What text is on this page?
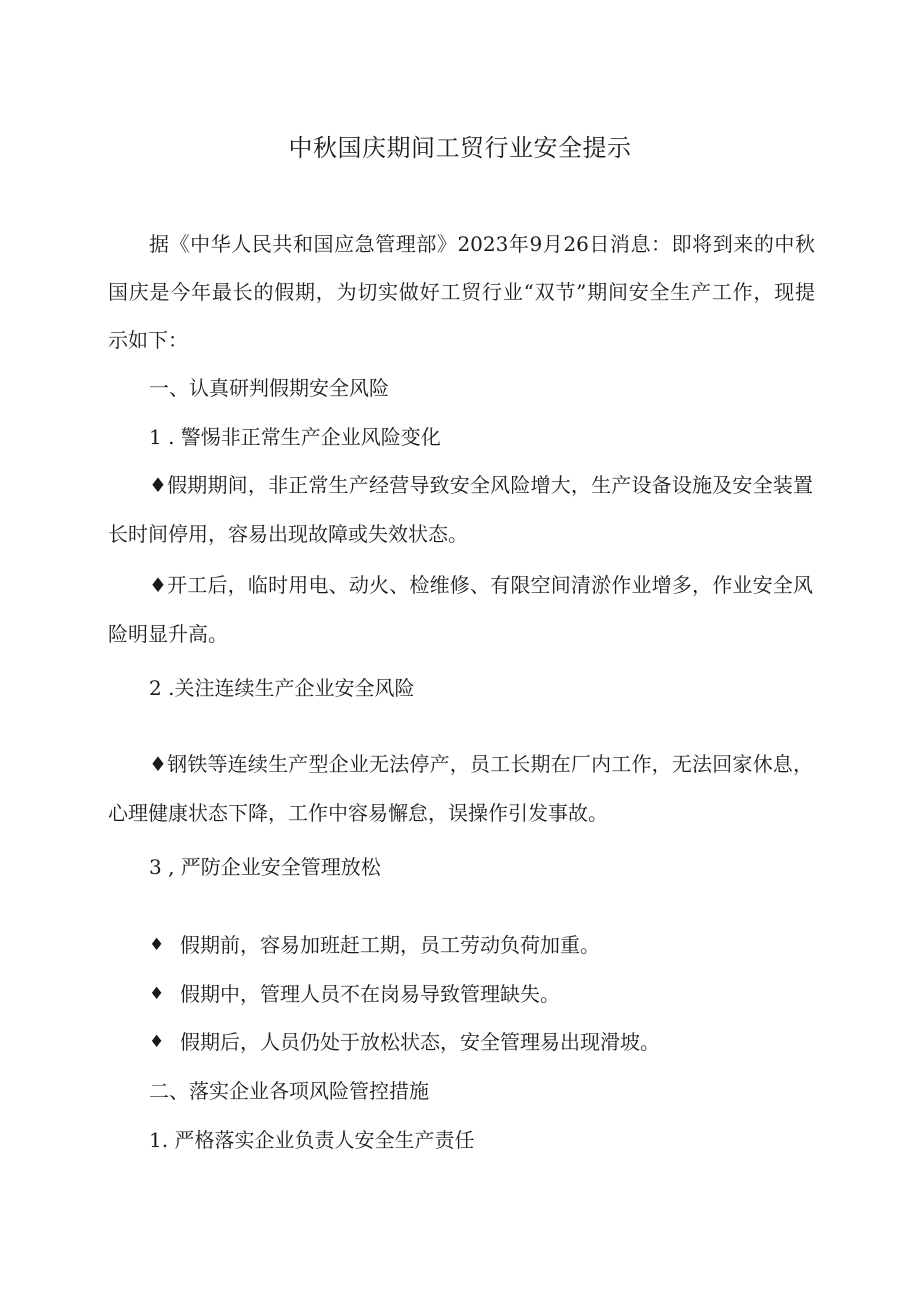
中秋国庆期间工贸行业安全提示
据《中华人民共和国应急管理部》2023年9月26日消息：即将到来的中秋
国庆是今年最长的假期，为切实做好工贸行业“双节”期间安全生产工作，现提
示如下：
一、认真研判假期安全风险
1 . 警惕非正常生产企业风险变化
♦假期期间，非正常生产经营导致安全风险增大，生产设备设施及安全装置
长时间停用，容易出现故障或失效状态。
♦开工后，临时用电、动火、检维修、有限空间清淤作业增多，作业安全风
险明显升高。
2 .关注连续生产企业安全风险
♦钢铁等连续生产型企业无法停产，员工长期在厂内工作，无法回家休息，
心理健康状态下降，工作中容易懈怠，误操作引发事故。
3 , 严防企业安全管理放松
♦ 假期前，容易加班赶工期，员工劳动负荷加重。
♦ 假期中，管理人员不在岗易导致管理缺失。
♦ 假期后，人员仍处于放松状态，安全管理易出现滑坡。
二、落实企业各项风险管控措施
1. 严格落实企业负责人安全生产责任
